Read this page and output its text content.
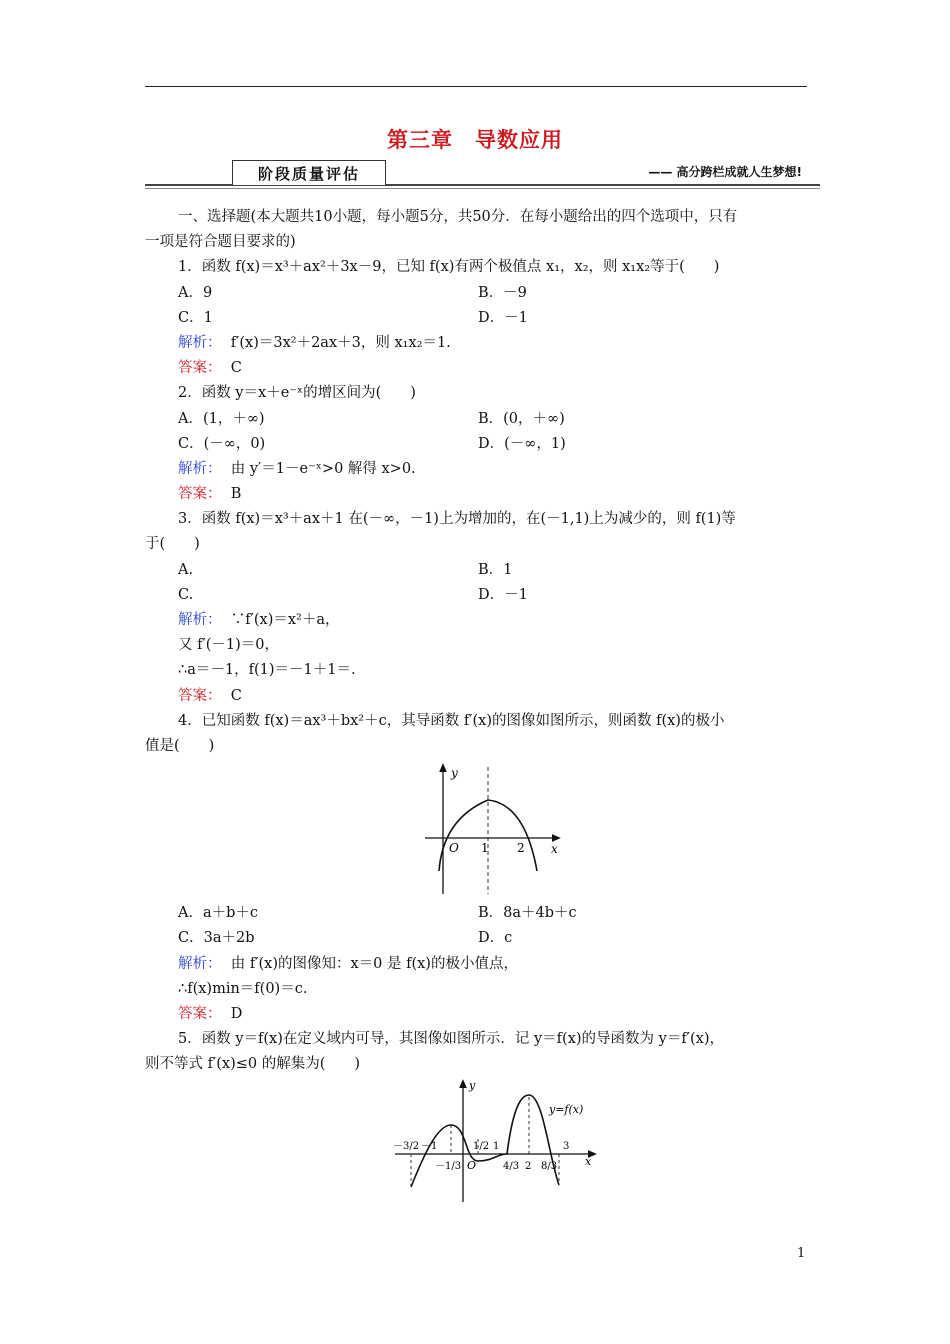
第三章　导数应用
阶段质量评估	—— 高分跨栏成就人生梦想!
一、选择题(本大题共10小题，每小题5分，共50分．在每小题给出的四个选项中，只有
一项是符合题目要求的)
1．函数 f(x)＝x³＋ax²＋3x－9，已知 f(x)有两个极值点 x₁，x₂，则 x₁x₂等于(　　)
A．9	B．－9
C．1	D．－1
解析： f′(x)＝3x²＋2ax＋3，则 x₁x₂＝1.
答案： C
2．函数 y＝x＋e⁻ˣ的增区间为(　　)
A．(1，＋∞)	B．(0，＋∞)
C．(－∞，0)	D．(－∞，1)
解析： 由 y′＝1－e⁻ˣ>0 解得 x>0.
答案： B
3．函数 f(x)＝x³＋ax＋1 在(－∞，－1)上为增加的，在(－1,1)上为减少的，则 f(1)等
于(　　)
A.	B．1
C.	D．－1
解析： ∵f′(x)＝x²＋a，
又 f′(－1)＝0，
∴a＝－1，f(1)＝－1＋1＝.
答案： C
4．已知函数 f(x)＝ax³＋bx²＋c，其导函数 f′(x)的图像如图所示，则函数 f(x)的极小
值是(　　)
y
x
O 1 2
A．a＋b＋c	B．8a＋4b＋c
C．3a＋2b	D．c
解析： 由 f′(x)的图像知：x＝0 是 f(x)的极小值点，
∴f(x)min＝f(0)＝c.
答案： D
5．函数 y＝f(x)在定义域内可导，其图像如图所示．记 y＝f(x)的导函数为 y＝f′(x)，
则不等式 f′(x)≤0 的解集为(　　)
y
x
y=f(x)
O
－3/2 －1
－1/3
1/2 1
4/3 2 8/3
3
1
